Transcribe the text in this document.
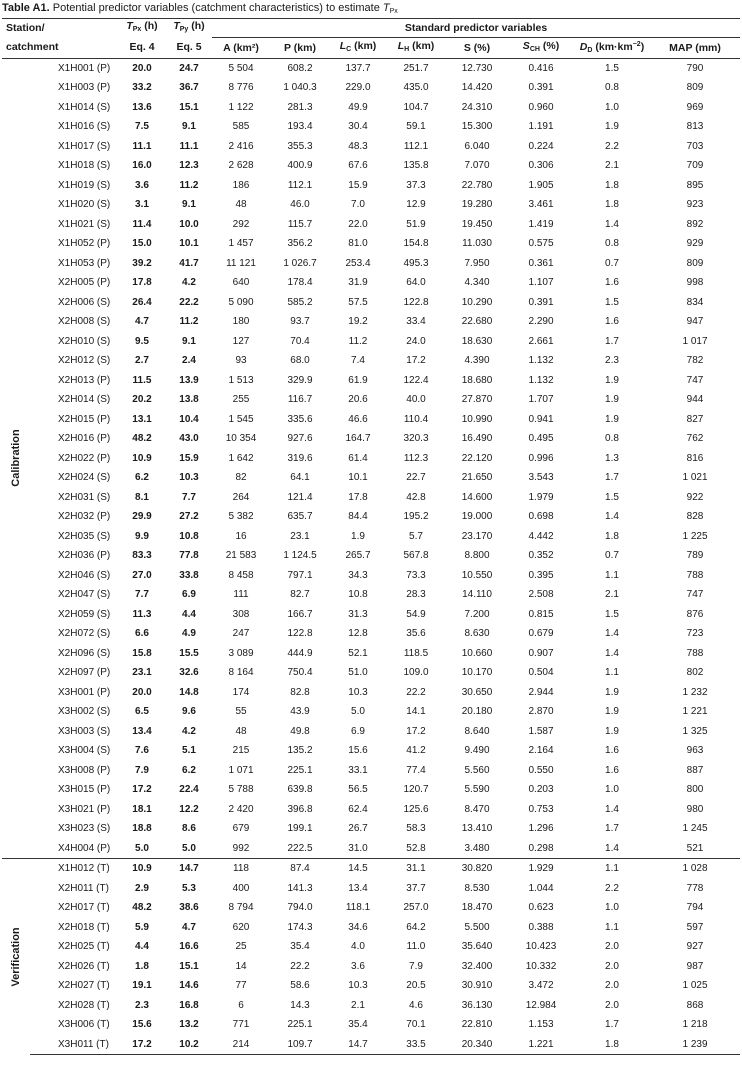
Table A1. Potential predictor variables (catchment characteristics) to estimate $T_{Px}$
Station/		$T_{Px}$ (h)	$T_{Py}$ (h)	Standard predictor variables							
catchment		Eq. 4	Eq. 5	A (km²)	P (km)	$L_C$ (km)	$L_H$ (km)	S (%)	$S_{CH}$ (%)	$D_D$ $(km\cdot km^{-2})$	MAP (mm)

Calibration	X1H001 (P)	20.0	24.7	5 504	608.2	137.7	251.7	12.730	0.416	1.5	790
	X1H003 (P)	33.2	36.7	8 776	1 040.3	229.0	435.0	14.420	0.391	0.8	809
	X1H014 (S)	13.6	15.1	1 122	281.3	49.9	104.7	24.310	0.960	1.0	969
	X1H016 (S)	7.5	9.1	585	193.4	30.4	59.1	15.300	1.191	1.9	813
	X1H017 (S)	11.1	11.1	2 416	355.3	48.3	112.1	6.040	0.224	2.2	703
	X1H018 (S)	16.0	12.3	2 628	400.9	67.6	135.8	7.070	0.306	2.1	709
	X1H019 (S)	3.6	11.2	186	112.1	15.9	37.3	22.780	1.905	1.8	895
	X1H020 (S)	3.1	9.1	48	46.0	7.0	12.9	19.280	3.461	1.8	923
	X1H021 (S)	11.4	10.0	292	115.7	22.0	51.9	19.450	1.419	1.4	892
	X1H052 (P)	15.0	10.1	1 457	356.2	81.0	154.8	11.030	0.575	0.8	929
	X1H053 (P)	39.2	41.7	11 121	1 026.7	253.4	495.3	7.950	0.361	0.7	809
	X2H005 (P)	17.8	4.2	640	178.4	31.9	64.0	4.340	1.107	1.6	998
	X2H006 (S)	26.4	22.2	5 090	585.2	57.5	122.8	10.290	0.391	1.5	834
	X2H008 (S)	4.7	11.2	180	93.7	19.2	33.4	22.680	2.290	1.6	947
	X2H010 (S)	9.5	9.1	127	70.4	11.2	24.0	18.630	2.661	1.7	1 017
	X2H012 (S)	2.7	2.4	93	68.0	7.4	17.2	4.390	1.132	2.3	782
	X2H013 (P)	11.5	13.9	1 513	329.9	61.9	122.4	18.680	1.132	1.9	747
	X2H014 (S)	20.2	13.8	255	116.7	20.6	40.0	27.870	1.707	1.9	944
	X2H015 (P)	13.1	10.4	1 545	335.6	46.6	110.4	10.990	0.941	1.9	827
	X2H016 (P)	48.2	43.0	10 354	927.6	164.7	320.3	16.490	0.495	0.8	762
	X2H022 (P)	10.9	15.9	1 642	319.6	61.4	112.3	22.120	0.996	1.3	816
	X2H024 (S)	6.2	10.3	82	64.1	10.1	22.7	21.650	3.543	1.7	1 021
	X2H031 (S)	8.1	7.7	264	121.4	17.8	42.8	14.600	1.979	1.5	922
	X2H032 (P)	29.9	27.2	5 382	635.7	84.4	195.2	19.000	0.698	1.4	828
	X2H035 (S)	9.9	10.8	16	23.1	1.9	5.7	23.170	4.442	1.8	1 225
	X2H036 (P)	83.3	77.8	21 583	1 124.5	265.7	567.8	8.800	0.352	0.7	789
	X2H046 (S)	27.0	33.8	8 458	797.1	34.3	73.3	10.550	0.395	1.1	788
	X2H047 (S)	7.7	6.9	111	82.7	10.8	28.3	14.110	2.508	2.1	747
	X2H059 (S)	11.3	4.4	308	166.7	31.3	54.9	7.200	0.815	1.5	876
	X2H072 (S)	6.6	4.9	247	122.8	12.8	35.6	8.630	0.679	1.4	723
	X2H096 (S)	15.8	15.5	3 089	444.9	52.1	118.5	10.660	0.907	1.4	788
	X2H097 (P)	23.1	32.6	8 164	750.4	51.0	109.0	10.170	0.504	1.1	802
	X3H001 (P)	20.0	14.8	174	82.8	10.3	22.2	30.650	2.944	1.9	1 232
	X3H002 (S)	6.5	9.6	55	43.9	5.0	14.1	20.180	2.870	1.9	1 221
	X3H003 (S)	13.4	4.2	48	49.8	6.9	17.2	8.640	1.587	1.9	1 325
	X3H004 (S)	7.6	5.1	215	135.2	15.6	41.2	9.490	2.164	1.6	963
	X3H008 (P)	7.9	6.2	1 071	225.1	33.1	77.4	5.560	0.550	1.6	887
	X3H015 (P)	17.2	22.4	5 788	639.8	56.5	120.7	5.590	0.203	1.0	800
	X3H021 (P)	18.1	12.2	2 420	396.8	62.4	125.6	8.470	0.753	1.4	980
	X3H023 (S)	18.8	8.6	679	199.1	26.7	58.3	13.410	1.296	1.7	1 245
	X4H004 (P)	5.0	5.0	992	222.5	31.0	52.8	3.480	0.298	1.4	521

Verification	X1H012 (T)	10.9	14.7	118	87.4	14.5	31.1	30.820	1.929	1.1	1 028
	X2H011 (T)	2.9	5.3	400	141.3	13.4	37.7	8.530	1.044	2.2	778
	X2H017 (T)	48.2	38.6	8 794	794.0	118.1	257.0	18.470	0.623	1.0	794
	X2H018 (T)	5.9	4.7	620	174.3	34.6	64.2	5.500	0.388	1.1	597
	X2H025 (T)	4.4	16.6	25	35.4	4.0	11.0	35.640	10.423	2.0	927
	X2H026 (T)	1.8	15.1	14	22.2	3.6	7.9	32.400	10.332	2.0	987
	X2H027 (T)	19.1	14.6	77	58.6	10.3	20.5	30.910	3.472	2.0	1 025
	X2H028 (T)	2.3	16.8	6	14.3	2.1	4.6	36.130	12.984	2.0	868
	X3H006 (T)	15.6	13.2	771	225.1	35.4	70.1	22.810	1.153	1.7	1 218
	X3H011 (T)	17.2	10.2	214	109.7	14.7	33.5	20.340	1.221	1.8	1 239
